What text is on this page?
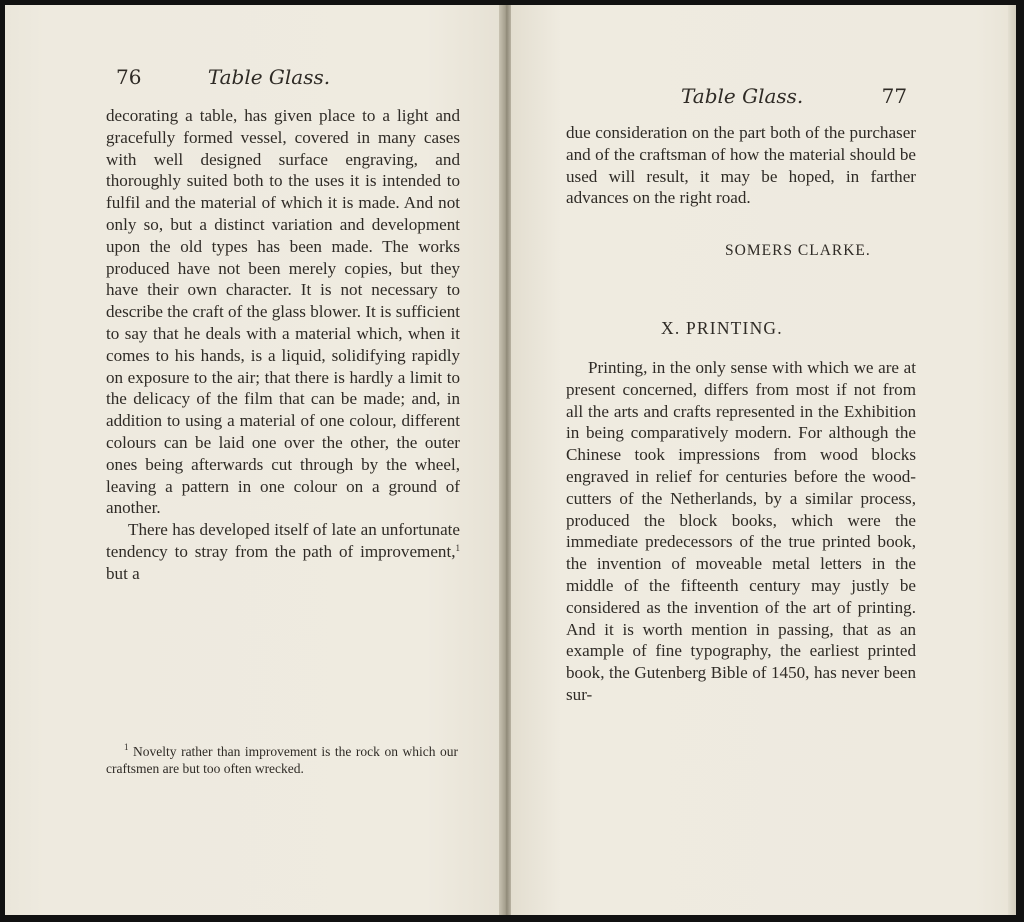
76	Table Glass.

decorating a table, has given place to a light and gracefully formed vessel, covered in many cases with well designed surface engraving, and thoroughly suited both to the uses it is intended to fulfil and the material of which it is made. And not only so, but a distinct variation and development upon the old types has been made. The works produced have not been merely copies, but they have their own character. It is not necessary to describe the craft of the glass blower. It is sufficient to say that he deals with a material which, when it comes to his hands, is a liquid, solidifying rapidly on exposure to the air; that there is hardly a limit to the delicacy of the film that can be made; and, in addition to using a material of one colour, different colours can be laid one over the other, the outer ones being afterwards cut through by the wheel, leaving a pattern in one colour on a ground of another.

There has developed itself of late an unfortunate tendency to stray from the path of improvement,$^1$ but a

$^1$ Novelty rather than improvement is the rock on which our craftsmen are but too often wrecked.
Table Glass.	77

due consideration on the part both of the purchaser and of the craftsman of how the material should be used will result, it may be hoped, in farther advances on the right road.

SOMERS CLARKE.
X. PRINTING.

Printing, in the only sense with which we are at present concerned, differs from most if not from all the arts and crafts represented in the Exhibition in being comparatively modern. For although the Chinese took impressions from wood blocks engraved in relief for centuries before the wood-cutters of the Netherlands, by a similar process, produced the block books, which were the immediate predecessors of the true printed book, the invention of moveable metal letters in the middle of the fifteenth century may justly be considered as the invention of the art of printing. And it is worth mention in passing, that as an example of fine typography, the earliest printed book, the Gutenberg Bible of 1450, has never been sur-
